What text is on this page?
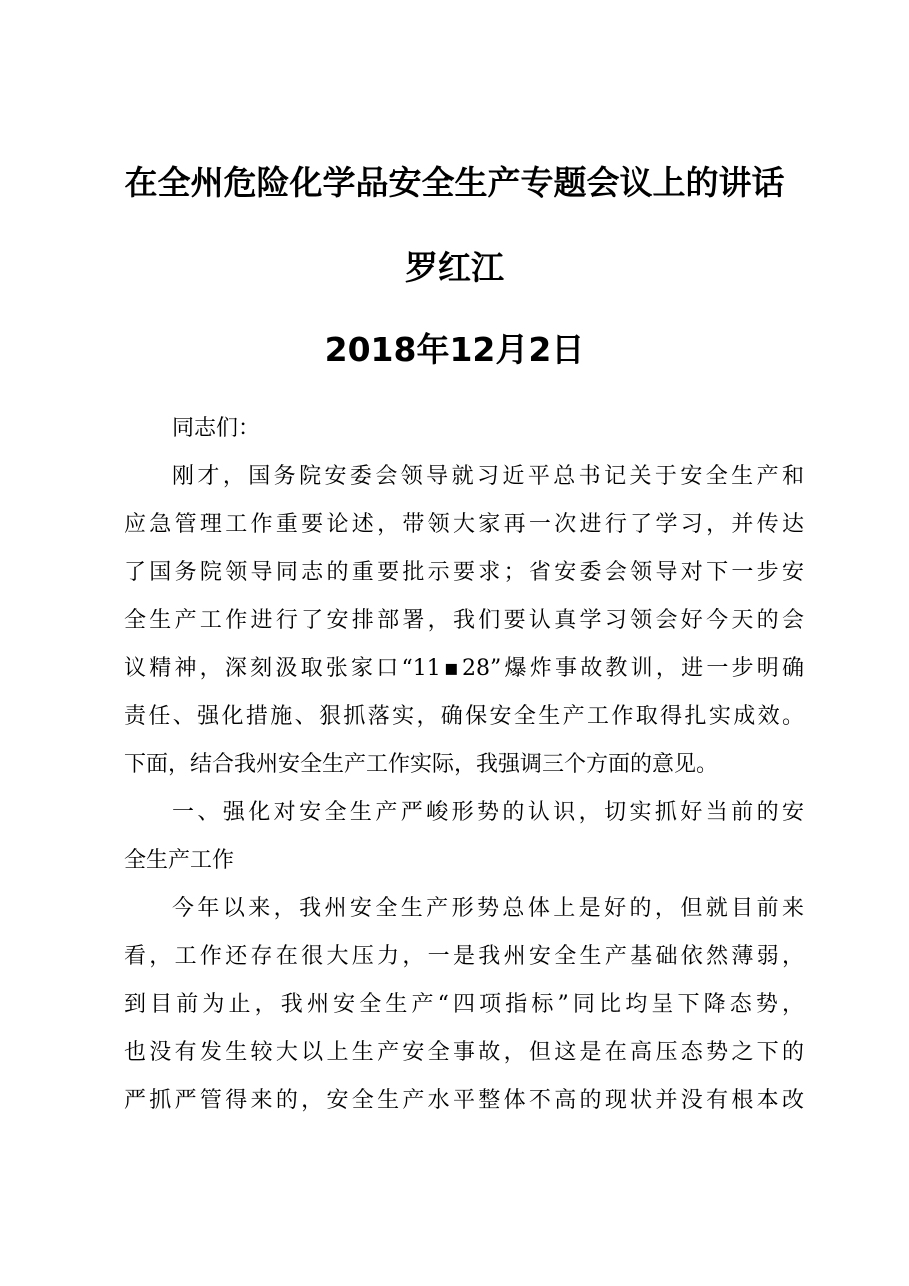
在全州危险化学品安全生产专题会议上的讲话
罗红江
2018年12月2日

同志们：

刚才，国务院安委会领导就习近平总书记关于安全生产和

应急管理工作重要论述，带领大家再一次进行了学习，并传达

了国务院领导同志的重要批示要求；省安委会领导对下一步安

全生产工作进行了安排部署，我们要认真学习领会好今天的会

议精神，深刻汲取张家口“11▪28”爆炸事故教训，进一步明确

责任、强化措施、狠抓落实，确保安全生产工作取得扎实成效。

下面，结合我州安全生产工作实际，我强调三个方面的意见。

一、强化对安全生产严峻形势的认识，切实抓好当前的安

全生产工作

今年以来，我州安全生产形势总体上是好的，但就目前来

看，工作还存在很大压力，一是我州安全生产基础依然薄弱，

到目前为止，我州安全生产“四项指标”同比均呈下降态势，

也没有发生较大以上生产安全事故，但这是在高压态势之下的

严抓严管得来的，安全生产水平整体不高的现状并没有根本改
